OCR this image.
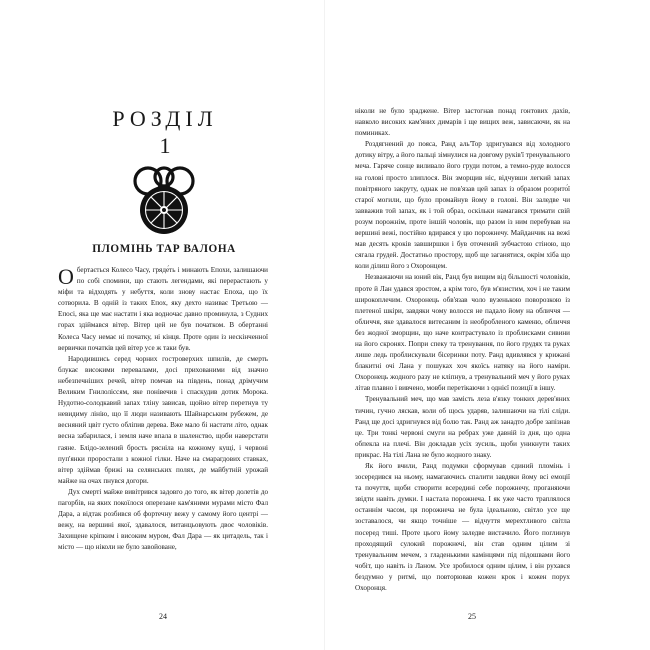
РОЗДІЛ
1
ПЛОМІНЬ ТАР ВАЛОНА

Обертається Колесо Часу, гряде́ть і минають Епохи, залишаючи по собі спомини, що стають легендами, які перерастають у міфи та відходять у небуття, коли знову настає Епоха, що їх сотворила. В одній із таких Епох, яку дехто називає Третьою — Епосі, яка ще має настати і яка водночас давно проминула, з Судних горах здіймався вітер. Вітер цей не був початком. В обертанні Колеса Часу немає ні початку, ні кінця. Проте один із нескінченної вервички початків цей вітер усе ж таки був.

Народившись серед чорних гостроверхих шпилів, де смерть блукає високими перевалами, досі прихованими від значно небезпечніших речей, вітер помчав на південь, понад дрімучим Великим Гнилоліссям, яке понівечив і спаскудив дотик Морока. Нудотно-солодкавий запах тліну зависав, щойно вітер перетнув ту невидиму лінію, що її люди називають Шайнарським рубежем, де весняний цвіт густо обліпив дерева. Вже мало бі настати літо, однак весна забарилася, і земля наче впала в шаленство, щоби наверстати гаяне. Блідо-зелений брость рясніла на кожному кущі, і червоні пуп'янки проростали з кожної гілки. Наче на смарагдових ставках, вітер здіймав брижі на селянських полях, де майбутній урожай майже на очах пнувся догори.

Дух смерті майже вивітрився задовго до того, як вітер долетів до пагорбів, на яких покоїлося оперезане кам'яними мурами місто Фал Дара, а відтак розбився об фортечну вежу у самому його центрі — вежу, на вершині якої, здавалося, витанцьовують двоє чоловіків. Захищене кріпким і високим муром, Фал Дара — як цитадель, так і місто — що ніколи не було завойоване,

24

ніколи не було зраджене. Вітер застогнав понад гонтових дахів, навколо високих кам'яних димарів і ще вищих веж, зависаючи, як на поминиках.

Роздягнений до пояса, Ранд аль'Тор здригувався від холодного дотику вітру, а його пальці зімнулися на довгому руків'ї тренувального меча. Гаряче сонце виливало його груди потом, а темно-руде волосся на голові просто злиплося. Він зморщив ніс, відчувши легкий запах повітряного закруту, однак не пов'язав цей запах із образом роэрито́ї старої могили, що було промайнув йому в голові. Він заледве чи завважив той запах, як і той образ, оскільки намагався тримати свій розум порожнім, проте іншій чоловік, що разом із ним перебував на вершині вежі, постійно вдирався у цю порожнечу. Майданчик на вежі мав десять кроків завширшки і був оточений зубчастою стіною, що сягала грудей. Достатньо простору, щоб ще заганятися, окрім хіба що коли ділиш його з Охоронцем.

Незважаючи на юний вік, Ранд був вищим від більшості чоловіків, проте й Лан удався зростом, а крім того, був м'язистим, хоч і не таким широкоплечим. Охоронець обв'язав чоло вузенькою поворозкою із плетеної шкіри, завдяки чому волосся не падало йому на обличчя — обличчя, яке здавалося витесаним із необробленого каменю, обличчя без жодної зморщин, що наче контрастувало із проблисками сивини на його скронях. Попри спеку та тренування, по його грудях та руках лише ледь проблискували бісеринки поту. Ранд вдивлявся у крижані блакитні очі Лана у пошуках хоч якоїсь натяку на його наміри. Охоронець жодного разу не кліпнув, а тренувальний меч у його руках літав плавно і вивчено, мовби перетікаючи з однієї позиції в іншу.

Тренувальний меч, що мав замість леза в'язку тонких дерев'яних тичин, гучно ляскав, коли об щось ударяв, залишаючи на тілі сліди. Ранд ще досі здригнувся від болю так. Ранд аж занадто добре запізнав це. Три тонкі червоні смуги на ребрах уже давній із дня, що одна обпекла на плечі. Він докладав усіх зусиль, щоби уникнути таких прикрас. На тілі Лана не було жодного знаку.

Як його вчили, Ранд подумки сформував єдиний пломінь і зосередився на ньому, намагаючись спалити завдяки йому всі емоції та почуття, щоби створити всередині себе порожнечу, проганяючи звідти навіть думки. І настала порожнеча. І як уже часто траплялося останнім часом, ця порожнеча не була ідеальною, світло усе ще зоставалося, чи якщо точніше — відчуття мерехтливого світла посеред тиші. Проте цього йому заледве вистачило. Його поглинув проходящий сулокий порожнечі, він став одним цілим зі тренувальним мечем, з гладенькими камінцями під підошвами його чобіт, що навіть із Ланом. Усе зробилося одним цілим, і він рухався бездумно у ритмі, що повторював кожен крок і кожен порух Охоронця.

25
